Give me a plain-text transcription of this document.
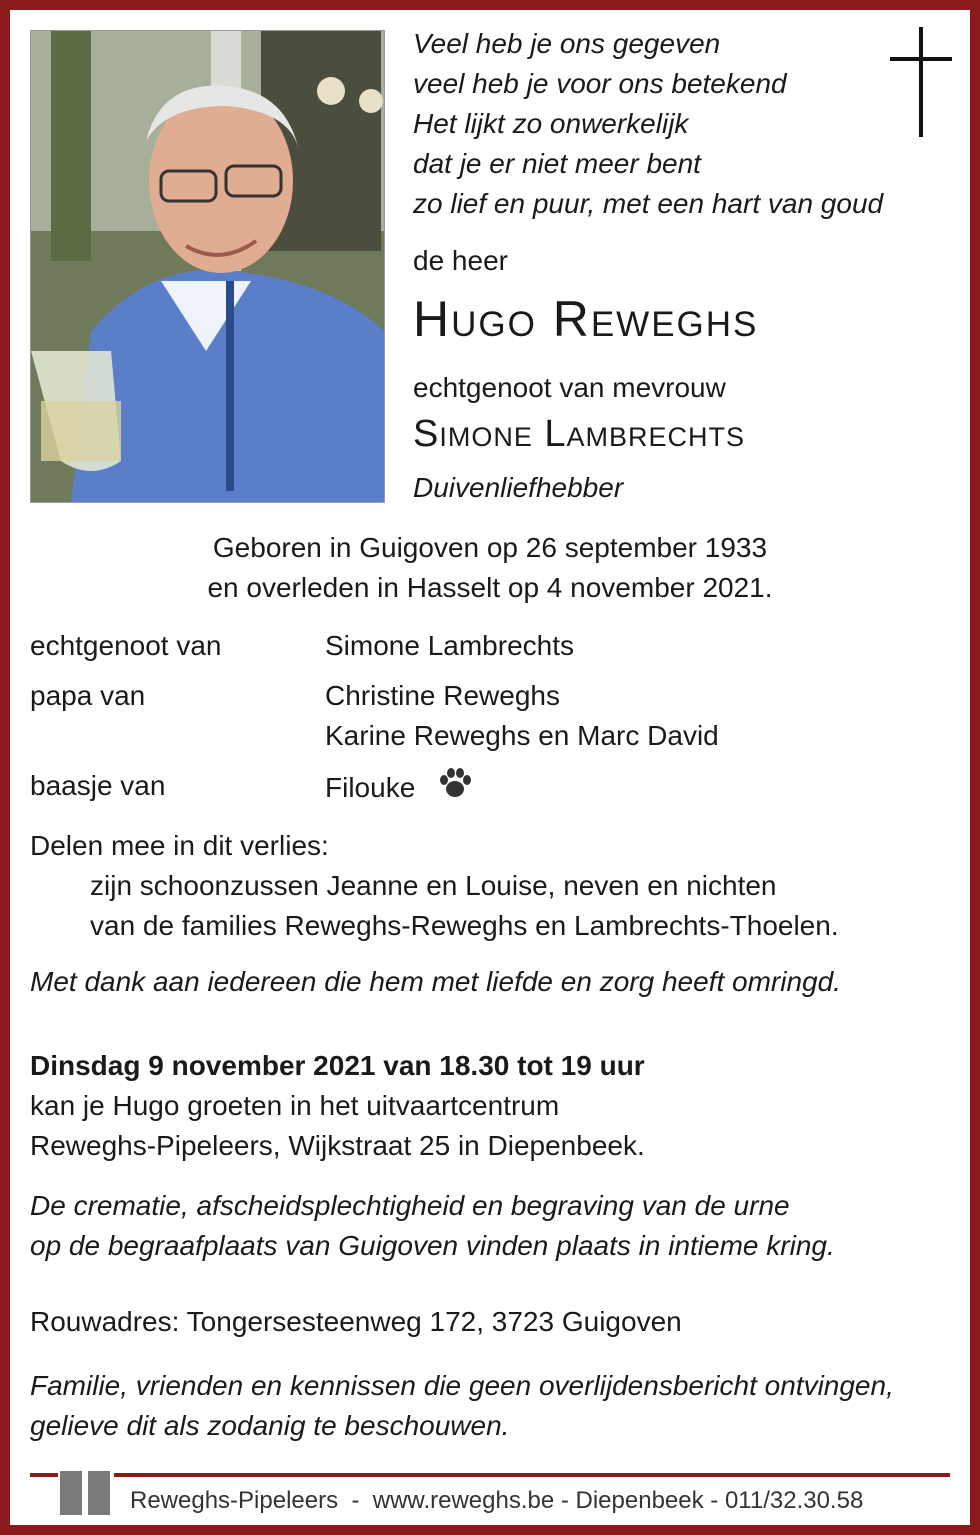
Veel heb je ons gegeven
veel heb je voor ons betekend
Het lijkt zo onwerkelijk
dat je er niet meer bent
zo lief en puur, met een hart van goud
de heer
Hugo Reweghs
echtgenoot van mevrouw
Simone Lambrechts
Duivenliefhebber
Geboren in Guigoven op 26 september 1933
en overleden in Hasselt op 4 november 2021.
echtgenoot van	Simone Lambrechts
papa van	Christine Reweghs
Karine Reweghs en Marc David
baasje van	Filouke
Delen mee in dit verlies:
zijn schoonzussen Jeanne en Louise, neven en nichten
van de families Reweghs-Reweghs en Lambrechts-Thoelen.
Met dank aan iedereen die hem met liefde en zorg heeft omringd.
Dinsdag 9 november 2021 van 18.30 tot 19 uur
kan je Hugo groeten in het uitvaartcentrum
Reweghs-Pipeleers, Wijkstraat 25 in Diepenbeek.
De crematie, afscheidsplechtigheid en begraving van de urne
op de begraafplaats van Guigoven vinden plaats in intieme kring.
Rouwadres: Tongersesteenweg 172, 3723 Guigoven
Familie, vrienden en kennissen die geen overlijdensbericht ontvingen,
gelieve dit als zodanig te beschouwen.
Reweghs-Pipeleers  -  www.reweghs.be - Diepenbeek - 011/32.30.58
